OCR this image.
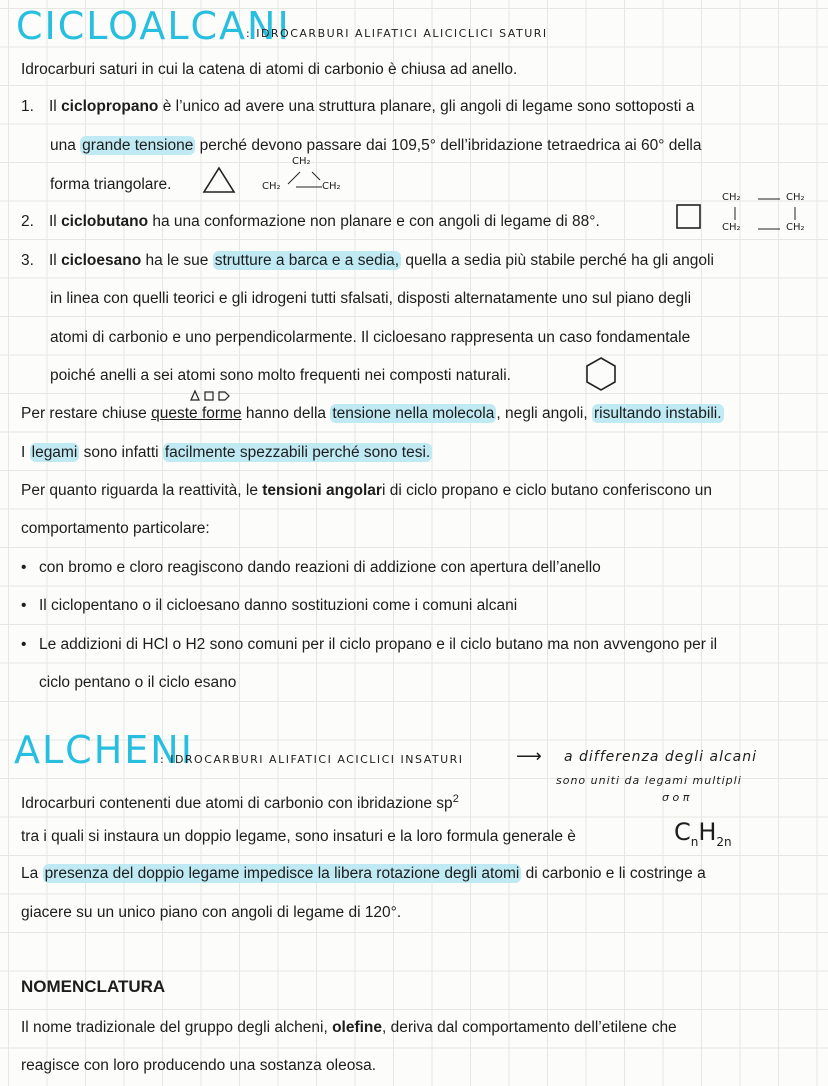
CICLOALCANI
: IDROCARBURI ALIFATICI ALICICLICI SATURI
Idrocarburi saturi in cui la catena di atomi di carbonio è chiusa ad anello.
1. Il ciclopropano è l’unico ad avere una struttura planare, gli angoli di legame sono sottoposti a
una grande tensione perché devono passare dai 109,5° dell’ibridazione tetraedrica ai 60° della
forma triangolare.
CH₂
CH₂	CH₂
2. Il ciclobutano ha una conformazione non planare e con angoli di legame di 88°.
CH₂	CH₂
CH₂	CH₂
3. Il cicloesano ha le sue strutture a barca e a sedia, quella a sedia più stabile perché ha gli angoli
in linea con quelli teorici e gli idrogeni tutti sfalsati, disposti alternatamente uno sul piano degli
atomi di carbonio e uno perpendicolarmente. Il cicloesano rappresenta un caso fondamentale
poiché anelli a sei atomi sono molto frequenti nei composti naturali.
Per restare chiuse queste forme hanno della tensione nella molecola , negli angoli, risultando instabili.
I legami sono infatti facilmente spezzabili perché sono tesi.
Per quanto riguarda la reattività, le tensioni angolari di ciclo propano e ciclo butano conferiscono un
comportamento particolare:
• con bromo e cloro reagiscono dando reazioni di addizione con apertura dell’anello
• Il ciclopentano o il cicloesano danno sostituzioni come i comuni alcani
• Le addizioni di HCl o H2 sono comuni per il ciclo propano e il ciclo butano ma non avvengono per il
ciclo pentano o il ciclo esano
ALCHENI
: IDROCARBURI ALIFATICI ACICLICI INSATURI	⟶ a differenza degli alcani
sono uniti da legami multipli
σ o π
Idrocarburi contenenti due atomi di carbonio con ibridazione $sp^2$
tra i quali si instaura un doppio legame, sono insaturi e la loro formula generale è	$C_nH_{2n}$
La presenza del doppio legame impedisce la libera rotazione degli atomi di carbonio e li costringe a
giacere su un unico piano con angoli di legame di 120°.
NOMENCLATURA
Il nome tradizionale del gruppo degli alcheni, olefine, deriva dal comportamento dell’etilene che
reagisce con loro producendo una sostanza oleosa.
